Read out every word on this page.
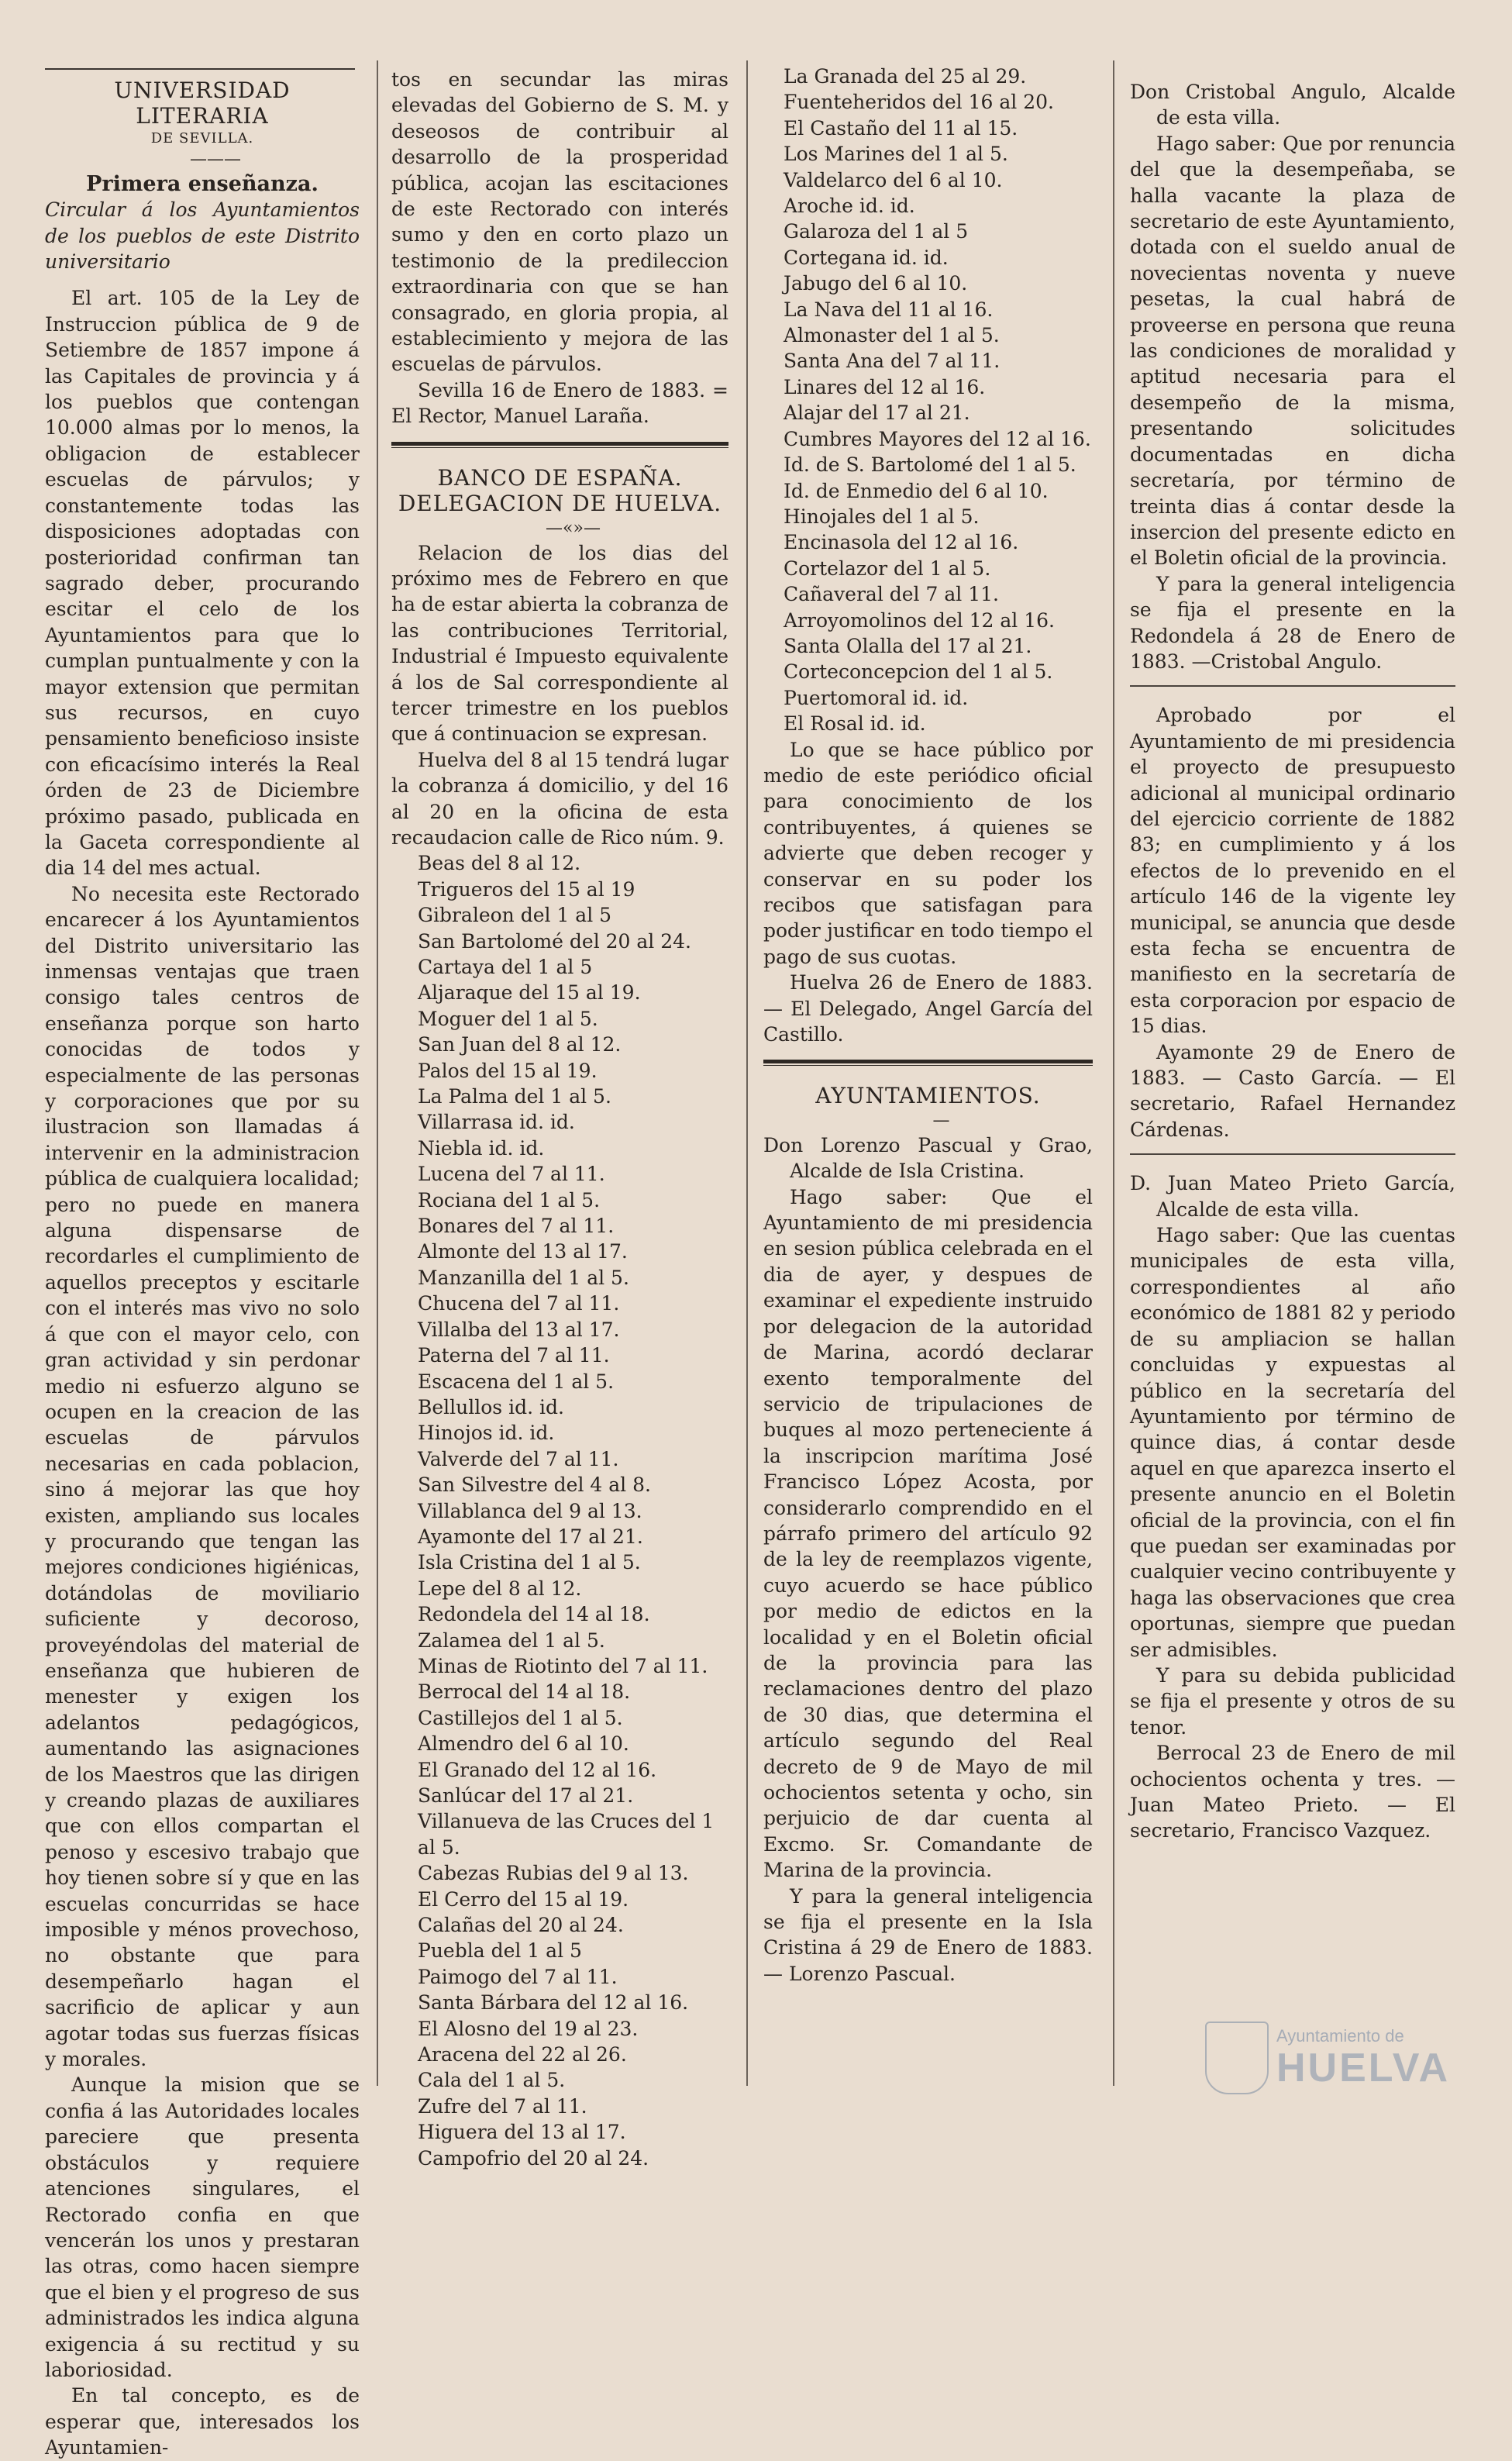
UNIVERSIDAD LITERARIA

DE SEVILLA.

———

Primera enseñanza.

Circular á los Ayuntamientos de los pueblos de este Distrito universitario

El art. 105 de la Ley de Instruccion pública de 9 de Setiembre de 1857 impone á las Capitales de provincia y á los pueblos que contengan 10.000 almas por lo menos, la obligacion de establecer escuelas de párvulos; y constantemente todas las disposiciones adoptadas con posterioridad confirman tan sagrado deber, procurando escitar el celo de los Ayuntamientos para que lo cumplan puntualmente y con la mayor extension que permitan sus recursos, en cuyo pensamiento beneficioso insiste con eficacísimo interés la Real órden de 23 de Diciembre próximo pasado, publicada en la Gaceta correspondiente al dia 14 del mes actual.

No necesita este Rectorado encarecer á los Ayuntamientos del Distrito universitario las inmensas ventajas que traen consigo tales centros de enseñanza porque son harto conocidas de todos y especialmente de las personas y corporaciones que por su ilustracion son llamadas á intervenir en la administracion pública de cualquiera localidad; pero no puede en manera alguna dispensarse de recordarles el cumplimiento de aquellos preceptos y escitarle con el interés mas vivo no solo á que con el mayor celo, con gran actividad y sin perdonar medio ni esfuerzo alguno se ocupen en la creacion de las escuelas de párvulos necesarias en cada poblacion, sino á mejorar las que hoy existen, ampliando sus locales y procurando que tengan las mejores condiciones higiénicas, dotándolas de moviliario suficiente y decoroso, proveyéndolas del material de enseñanza que hubieren de menester y exigen los adelantos pedagógicos, aumentando las asignaciones de los Maestros que las dirigen y creando plazas de auxiliares que con ellos compartan el penoso y escesivo trabajo que hoy tienen sobre sí y que en las escuelas concurridas se hace imposible y ménos provechoso, no obstante que para desempeñarlo hagan el sacrificio de aplicar y aun agotar todas sus fuerzas físicas y morales.

Aunque la mision que se confia á las Autoridades locales pareciere que presenta obstáculos y requiere atenciones singulares, el Rectorado confia en que vencerán los unos y prestaran las otras, como hacen siempre que el bien y el progreso de sus administrados les indica alguna exigencia á su rectitud y su laboriosidad.

En tal concepto, es de esperar que, interesados los Ayuntamien-

tos en secundar las miras elevadas del Gobierno de S. M. y deseosos de contribuir al desarrollo de la prosperidad pública, acojan las escitaciones de este Rectorado con interés sumo y den en corto plazo un testimonio de la predileccion extraordinaria con que se han consagrado, en gloria propia, al establecimiento y mejora de las escuelas de párvulos.

Sevilla 16 de Enero de 1883. = El Rector, Manuel Laraña.

BANCO DE ESPAÑA.

DELEGACION DE HUELVA.

—«»—

Relacion de los dias del próximo mes de Febrero en que ha de estar abierta la cobranza de las contribuciones Territorial, Industrial é Impuesto equivalente á los de Sal correspondiente al tercer trimestre en los pueblos que á continuacion se expresan.

Huelva del 8 al 15 tendrá lugar la cobranza á domicilio, y del 16 al 20 en la oficina de esta recaudacion calle de Rico núm. 9.

Beas del 8 al 12.
Trigueros del 15 al 19
Gibraleon del 1 al 5
San Bartolomé del 20 al 24.
Cartaya del 1 al 5
Aljaraque del 15 al 19.
Moguer del 1 al 5.
San Juan del 8 al 12.
Palos del 15 al 19.
La Palma del 1 al 5.
Villarrasa id. id.
Niebla id. id.
Lucena del 7 al 11.
Rociana del 1 al 5.
Bonares del 7 al 11.
Almonte del 13 al 17.
Manzanilla del 1 al 5.
Chucena del 7 al 11.
Villalba del 13 al 17.
Paterna del 7 al 11.
Escacena del 1 al 5.
Bellullos id. id.
Hinojos id. id.
Valverde del 7 al 11.
San Silvestre del 4 al 8.
Villablanca del 9 al 13.
Ayamonte del 17 al 21.
Isla Cristina del 1 al 5.
Lepe del 8 al 12.
Redondela del 14 al 18.
Zalamea del 1 al 5.
Minas de Riotinto del 7 al 11.
Berrocal del 14 al 18.
Castillejos del 1 al 5.
Almendro del 6 al 10.
El Granado del 12 al 16.
Sanlúcar del 17 al 21.
Villanueva de las Cruces del 1 al 5.
Cabezas Rubias del 9 al 13.
El Cerro del 15 al 19.
Calañas del 20 al 24.
Puebla del 1 al 5
Paimogo del 7 al 11.
Santa Bárbara del 12 al 16.
El Alosno del 19 al 23.
Aracena del 22 al 26.
Cala del 1 al 5.
Zufre del 7 al 11.
Higuera del 13 al 17.
Campofrio del 20 al 24.
La Granada del 25 al 29.
Fuenteheridos del 16 al 20.
El Castaño del 11 al 15.
Los Marines del 1 al 5.
Valdelarco del 6 al 10.
Aroche id. id.
Galaroza del 1 al 5
Cortegana id. id.
Jabugo del 6 al 10.
La Nava del 11 al 16.
Almonaster del 1 al 5.
Santa Ana del 7 al 11.
Linares del 12 al 16.
Alajar del 17 al 21.
Cumbres Mayores del 12 al 16.
Id. de S. Bartolomé del 1 al 5.
Id. de Enmedio del 6 al 10.
Hinojales del 1 al 5.
Encinasola del 12 al 16.
Cortelazor del 1 al 5.
Cañaveral del 7 al 11.
Arroyomolinos del 12 al 16.
Santa Olalla del 17 al 21.
Corteconcepcion del 1 al 5.
Puertomoral id. id.
El Rosal id. id.

Lo que se hace público por medio de este periódico oficial para conocimiento de los contribuyentes, á quienes se advierte que deben recoger y conservar en su poder los recibos que satisfagan para poder justificar en todo tiempo el pago de sus cuotas.

Huelva 26 de Enero de 1883. — El Delegado, Angel García del Castillo.

AYUNTAMIENTOS.

—

Don Lorenzo Pascual y Grao, Alcalde de Isla Cristina.

Hago saber: Que el Ayuntamiento de mi presidencia en sesion pública celebrada en el dia de ayer, y despues de examinar el expediente instruido por delegacion de la autoridad de Marina, acordó declarar exento temporalmente del servicio de tripulaciones de buques al mozo perteneciente á la inscripcion marítima José Francisco López Acosta, por considerarlo comprendido en el párrafo primero del artículo 92 de la ley de reemplazos vigente, cuyo acuerdo se hace público por medio de edictos en la localidad y en el Boletin oficial de la provincia para las reclamaciones dentro del plazo de 30 dias, que determina el artículo segundo del Real decreto de 9 de Mayo de mil ochocientos setenta y ocho, sin perjuicio de dar cuenta al Excmo. Sr. Comandante de Marina de la provincia.

Y para la general inteligencia se fija el presente en la Isla Cristina á 29 de Enero de 1883. — Lorenzo Pascual.

Don Cristobal Angulo, Alcalde de esta villa.

Hago saber: Que por renuncia del que la desempeñaba, se halla vacante la plaza de secretario de este Ayuntamiento, dotada con el sueldo anual de novecientas noventa y nueve pesetas, la cual habrá de proveerse en persona que reuna las condiciones de moralidad y aptitud necesaria para el desempeño de la misma, presentando solicitudes documentadas en dicha secretaría, por término de treinta dias á contar desde la insercion del presente edicto en el Boletin oficial de la provincia.

Y para la general inteligencia se fija el presente en la Redondela á 28 de Enero de 1883. —Cristobal Angulo.

Aprobado por el Ayuntamiento de mi presidencia el proyecto de presupuesto adicional al municipal ordinario del ejercicio corriente de 1882 83; en cumplimiento y á los efectos de lo prevenido en el artículo 146 de la vigente ley municipal, se anuncia que desde esta fecha se encuentra de manifiesto en la secretaría de esta corporacion por espacio de 15 dias.

Ayamonte 29 de Enero de 1883. — Casto García. — El secretario, Rafael Hernandez Cárdenas.

D. Juan Mateo Prieto García, Alcalde de esta villa.

Hago saber: Que las cuentas municipales de esta villa, correspondientes al año económico de 1881 82 y periodo de su ampliacion se hallan concluidas y expuestas al público en la secretaría del Ayuntamiento por término de quince dias, á contar desde aquel en que aparezca inserto el presente anuncio en el Boletin oficial de la provincia, con el fin que puedan ser examinadas por cualquier vecino contribuyente y haga las observaciones que crea oportunas, siempre que puedan ser admisibles.

Y para su debida publicidad se fija el presente y otros de su tenor.

Berrocal 23 de Enero de mil ochocientos ochenta y tres. — Juan Mateo Prieto. — El secretario, Francisco Vazquez.

Ayuntamiento de
HUELVA
